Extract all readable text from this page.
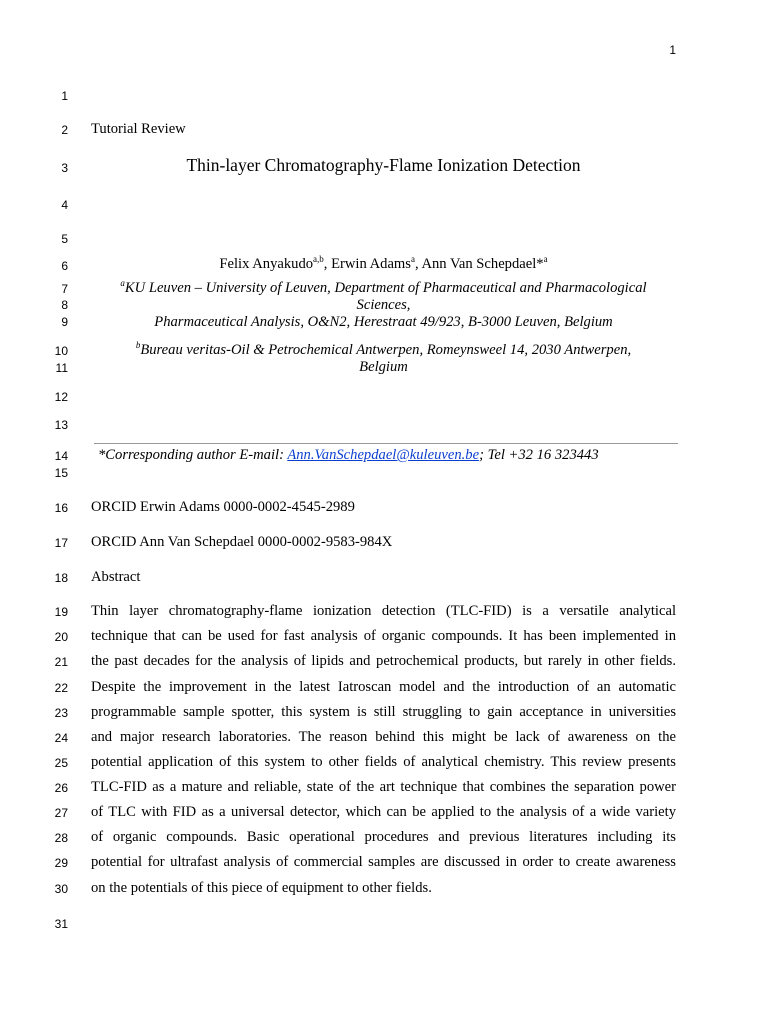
1
1
2
3
4
5
6
7
8
9
10
11
12
13
14
15
16
17
18
19
20
21
22
23
24
25
26
27
28
29
30
31
Tutorial Review
Thin-layer Chromatography-Flame Ionization Detection
Felix Anyakudo$^{a,b}$, Erwin Adams$^a$, Ann Van Schepdael*$^a$
$^a$KU Leuven – University of Leuven, Department of Pharmaceutical and Pharmacological
Sciences,
Pharmaceutical Analysis, O&N2, Herestraat 49/923, B-3000 Leuven, Belgium
$^b$Bureau veritas-Oil & Petrochemical Antwerpen, Romeynsweel 14, 2030 Antwerpen,
Belgium
*Corresponding author E-mail: Ann.VanSchepdael@kuleuven.be; Tel +32 16 323443
ORCID Erwin Adams 0000-0002-4545-2989
ORCID Ann Van Schepdael 0000-0002-9583-984X
Abstract
Thin layer chromatography-flame ionization detection (TLC-FID) is a versatile analytical
technique that can be used for fast analysis of organic compounds. It has been implemented in
the past decades for the analysis of lipids and petrochemical products, but rarely in other fields.
Despite the improvement in the latest Iatroscan model and the introduction of an automatic
programmable sample spotter, this system is still struggling to gain acceptance in universities
and major research laboratories. The reason behind this might be lack of awareness on the
potential application of this system to other fields of analytical chemistry. This review presents
TLC-FID as a mature and reliable, state of the art technique that combines the separation power
of TLC with FID as a universal detector, which can be applied to the analysis of a wide variety
of organic compounds. Basic operational procedures and previous literatures including its
potential for ultrafast analysis of commercial samples are discussed in order to create awareness
on the potentials of this piece of equipment to other fields.
